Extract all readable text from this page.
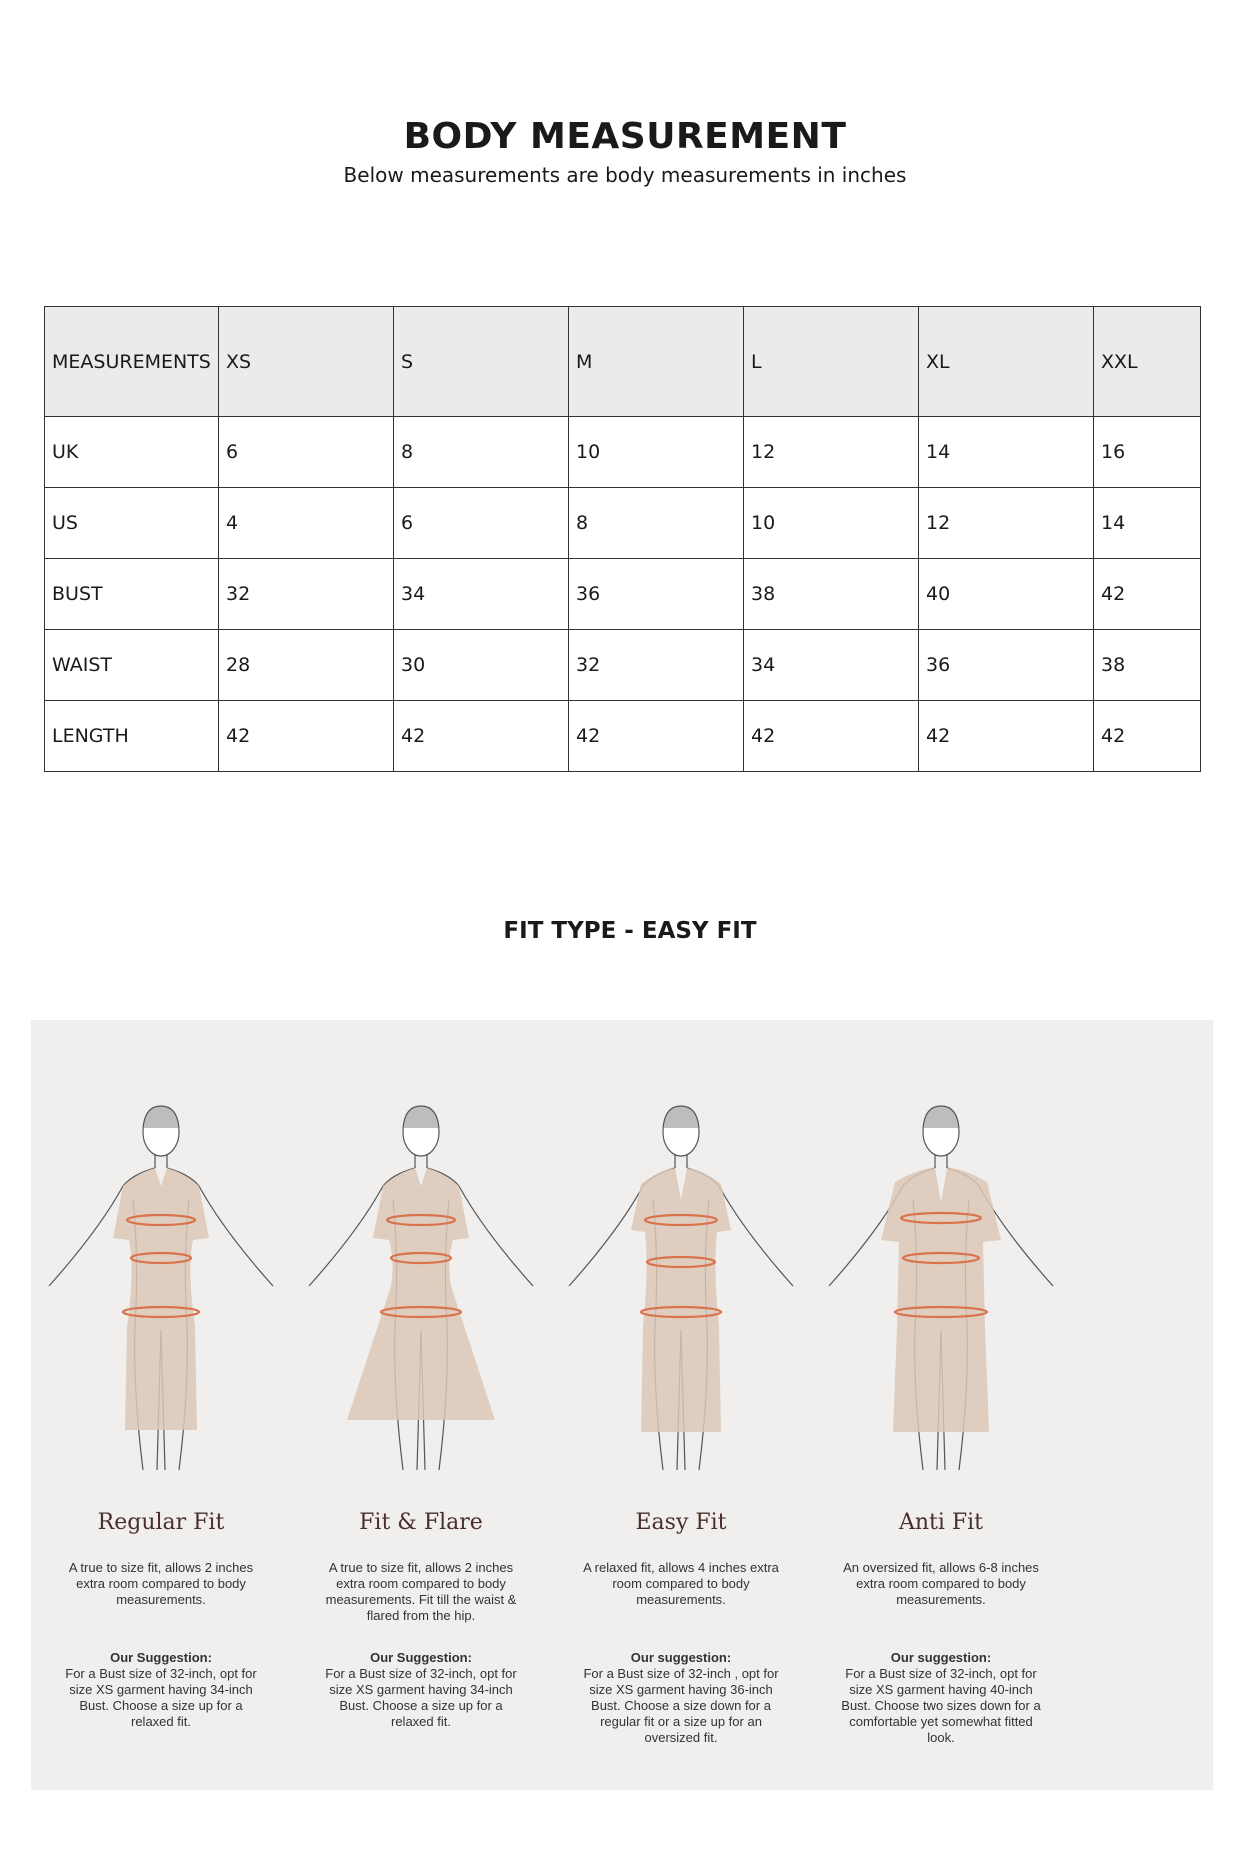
BODY MEASUREMENT

Below measurements are body measurements in inches

MEASUREMENTS	XS	S	M	L	XL	XXL
UK	6	8	10	12	14	16
US	4	6	8	10	12	14
BUST	32	34	36	38	40	42
WAIST	28	30	32	34	36	38
LENGTH	42	42	42	42	42	42
FIT TYPE - EASY FIT

Regular Fit

A true to size fit, allows 2 inches extra room compared to body measurements.

Our Suggestion:

For a Bust size of 32-inch, opt for size XS garment having 34-inch Bust. Choose a size up for a relaxed fit.

Fit & Flare

A true to size fit, allows 2 inches extra room compared to body measurements. Fit till the waist & flared from the hip.

Our Suggestion:

For a Bust size of 32-inch, opt for size XS garment having 34-inch Bust. Choose a size up for a relaxed fit.

Easy Fit

A relaxed fit, allows 4 inches extra room compared to body measurements.

Our suggestion:

For a Bust size of 32-inch , opt for size XS garment having 36-inch Bust. Choose a size down for a regular fit or a size up for an oversized fit.

Anti Fit

An oversized fit, allows 6-8 inches extra room compared to body measurements.

Our suggestion:

For a Bust size of 32-inch, opt for size XS garment having 40-inch Bust. Choose two sizes down for a comfortable yet somewhat fitted look.
